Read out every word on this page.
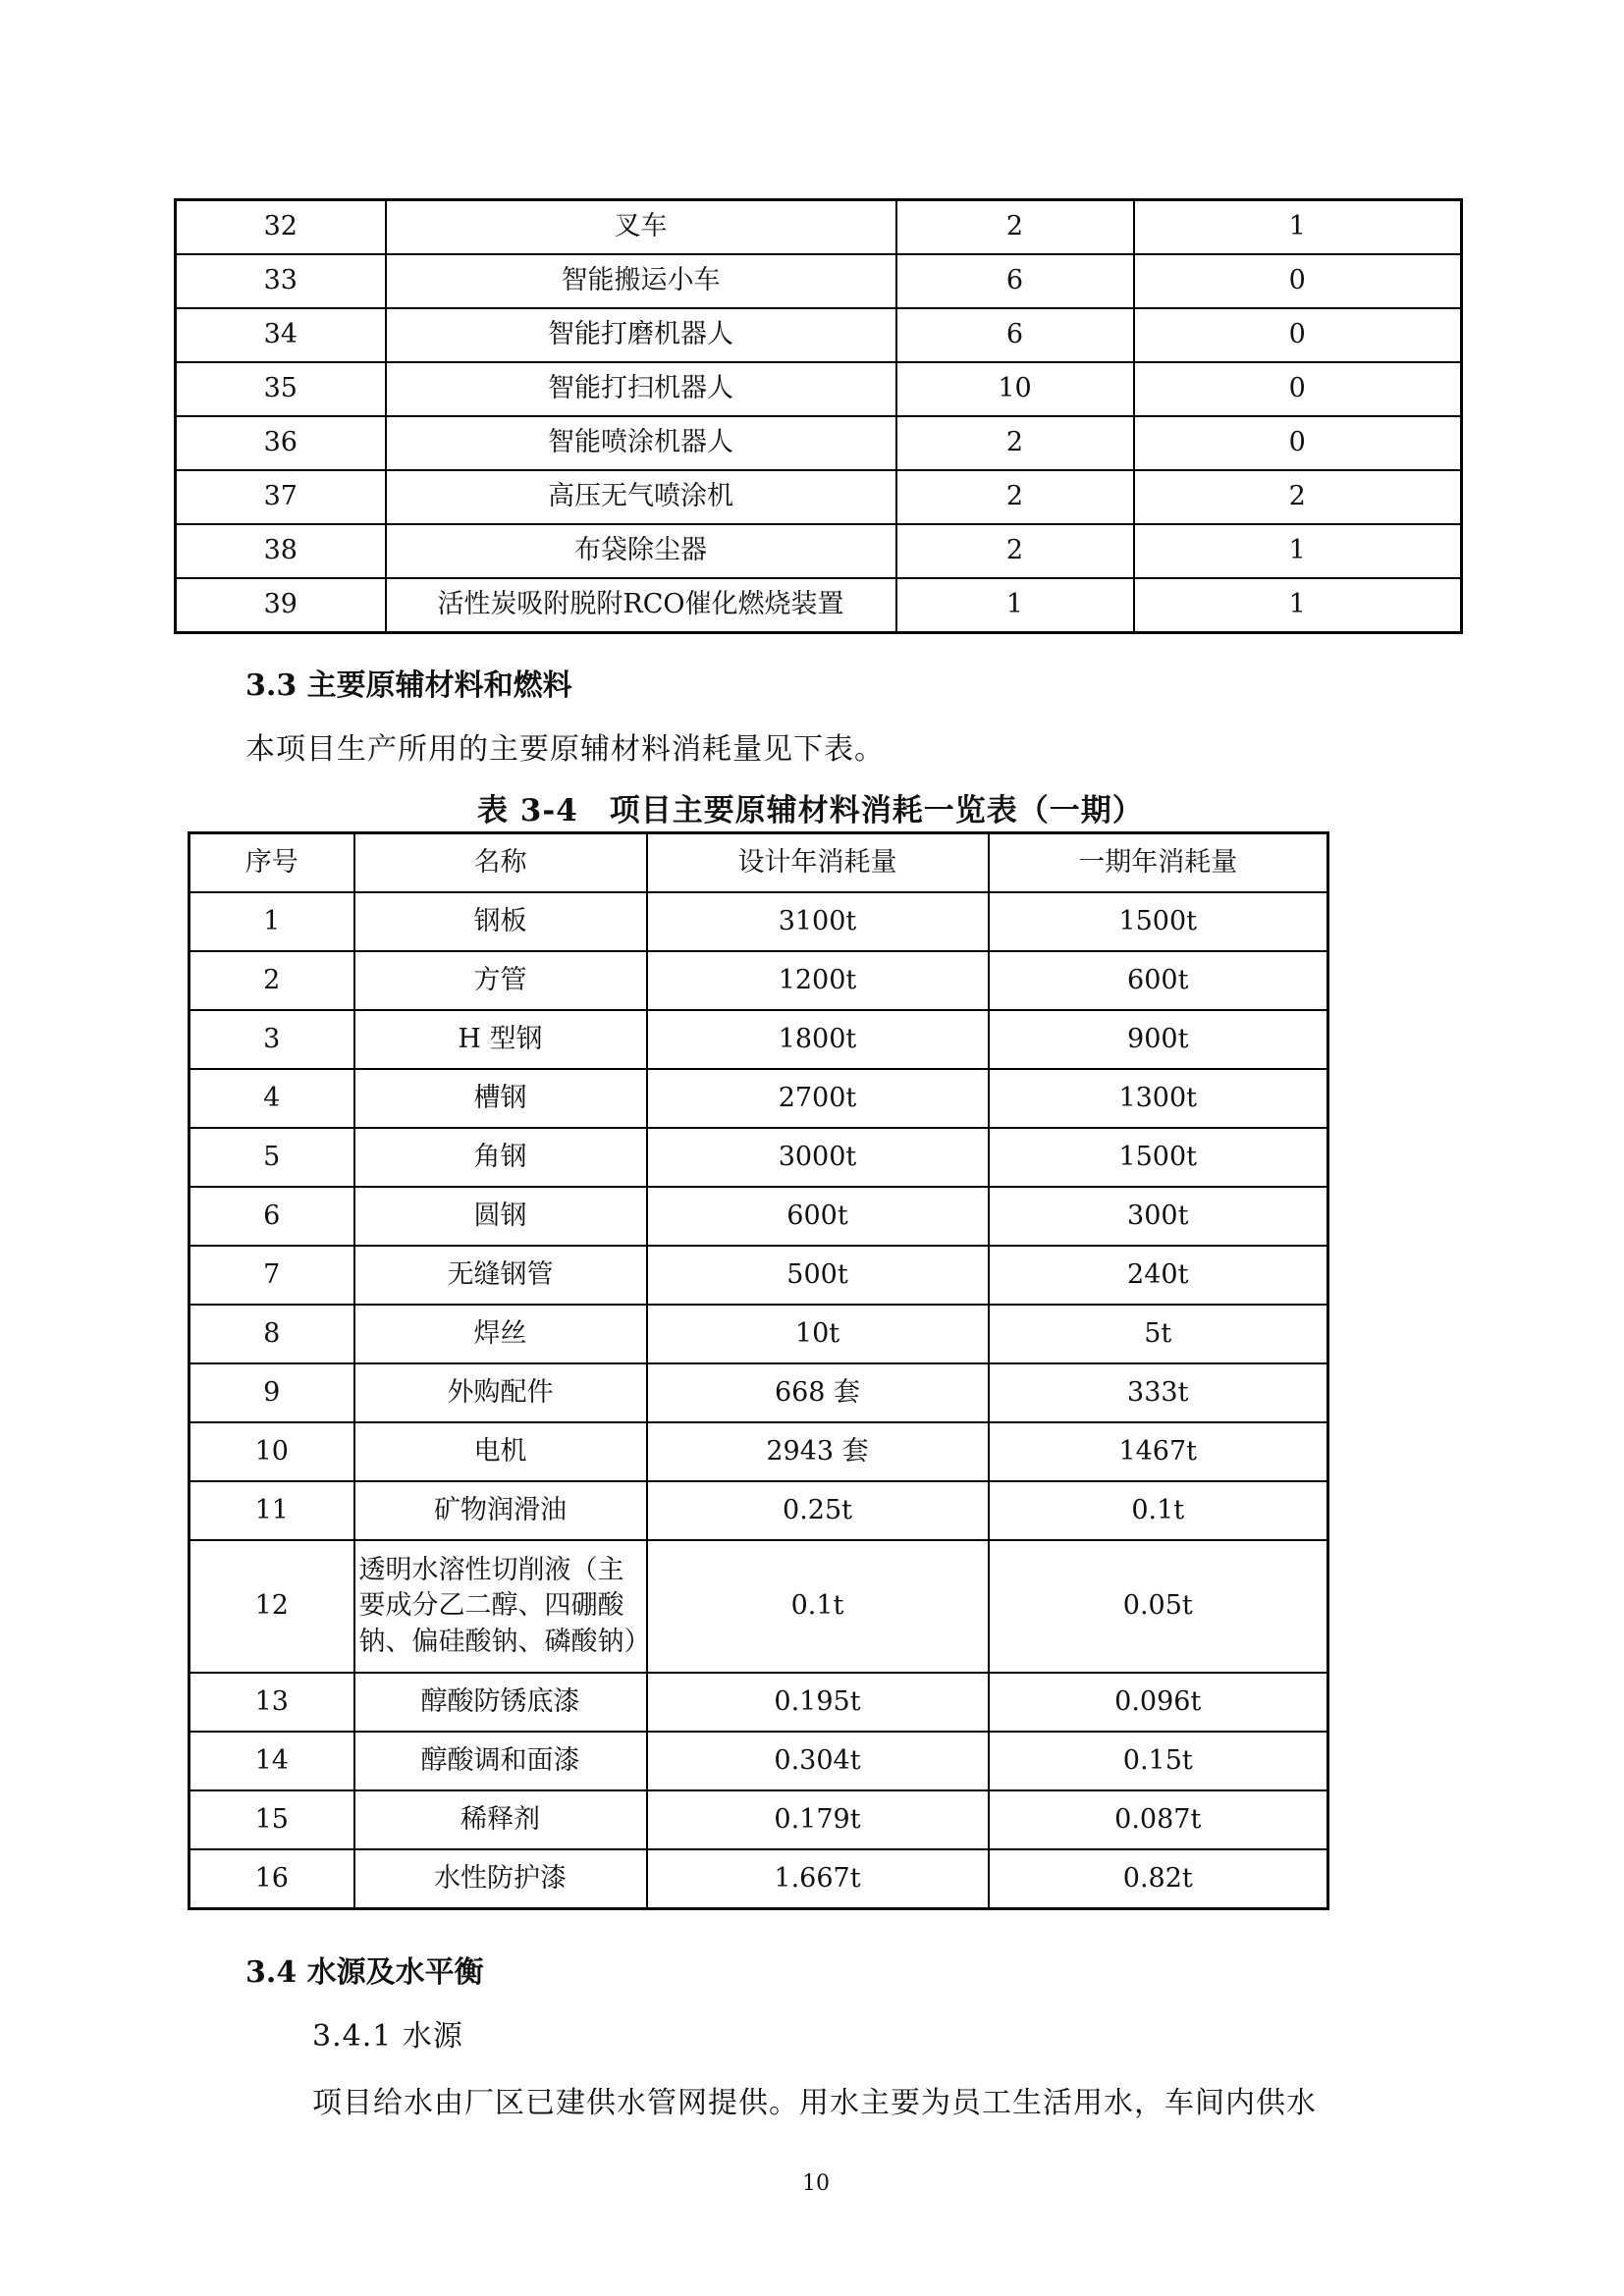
32	叉车	2	1
33	智能搬运小车	6	0
34	智能打磨机器人	6	0
35	智能打扫机器人	10	0
36	智能喷涂机器人	2	0
37	高压无气喷涂机	2	2
38	布袋除尘器	2	1
39	活性炭吸附脱附RCO催化燃烧装置	1	1
3.3 主要原辅材料和燃料
本项目生产所用的主要原辅材料消耗量见下表。
表 3-4　项目主要原辅材料消耗一览表（一期）
序号	名称	设计年消耗量	一期年消耗量
1	钢板	3100t	1500t
2	方管	1200t	600t
3	H 型钢	1800t	900t
4	槽钢	2700t	1300t
5	角钢	3000t	1500t
6	圆钢	600t	300t
7	无缝钢管	500t	240t
8	焊丝	10t	5t
9	外购配件	668 套	333t
10	电机	2943 套	1467t
11	矿物润滑油	0.25t	0.1t
12	透明水溶性切削液（主要成分乙二醇、四硼酸钠、偏硅酸钠、磷酸钠）	0.1t	0.05t
13	醇酸防锈底漆	0.195t	0.096t
14	醇酸调和面漆	0.304t	0.15t
15	稀释剂	0.179t	0.087t
16	水性防护漆	1.667t	0.82t
3.4 水源及水平衡
3.4.1 水源
项目给水由厂区已建供水管网提供。用水主要为员工生活用水，车间内供水
10
